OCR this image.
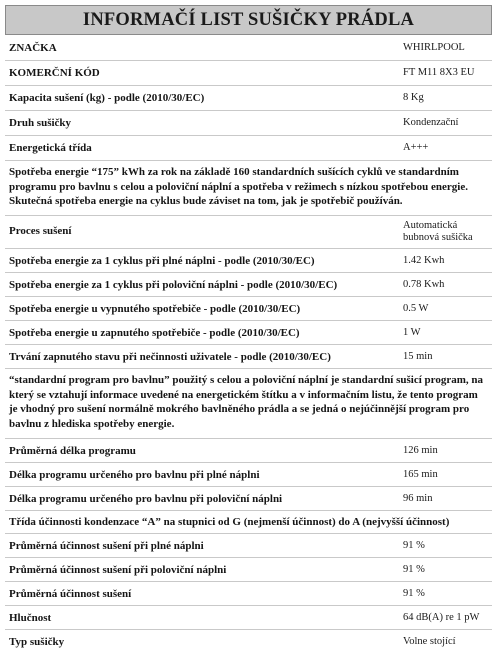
INFORMAČÍ LIST SUŠIČKY PRÁDLA
ZNAČKA	WHIRLPOOL
KOMERČNÍ KÓD	FT M11 8X3 EU
Kapacita sušení (kg) - podle (2010/30/EC)	8 Kg
Druh sušičky	Kondenzační
Energetická třída	A+++
Spotřeba energie “175” kWh za rok na základě 160 standardních sušících cyklů ve standardním programu pro bavlnu s celou a poloviční náplní a spotřeba v režimech s nízkou spotřebou energie. Skutečná spotřeba energie na cyklus bude záviset na tom, jak je spotřebič používán.
Proces sušení	Automatická bubnová sušička
Spotřeba energie za 1 cyklus při plné náplni - podle (2010/30/EC)	1.42 Kwh
Spotřeba energie za 1 cyklus při poloviční náplni - podle (2010/30/EC)	0.78 Kwh
Spotřeba energie u vypnutého spotřebiče - podle (2010/30/EC)	0.5 W
Spotřeba energie u zapnutého spotřebiče - podle (2010/30/EC)	1 W
Trvání zapnutého stavu při nečinnosti uživatele - podle (2010/30/EC)	15 min
“standardní program pro bavlnu” použitý s celou a poloviční náplní je standardní sušicí program, na který se vztahují informace uvedené na energetickém štítku a v informačním listu, že tento program je vhodný pro sušení normálně mokrého bavlněného prádla a se jedná o nejúčinnější program pro bavlnu z hlediska spotřeby energie.
Průměrná délka programu	126 min
Délka programu určeného pro bavlnu při plné náplni	165 min
Délka programu určeného pro bavlnu při poloviční náplni	96 min
Třída účinnosti kondenzace “A” na stupnici od G (nejmenší účinnost) do A (nejvyšší účinnost)
Průměrná účinnost sušení při plné náplni	91 %
Průměrná účinnost sušení při poloviční náplni	91 %
Průměrná účinnost sušení	91 %
Hlučnost	64 dB(A) re 1 pW
Typ sušičky	Volne stojící
